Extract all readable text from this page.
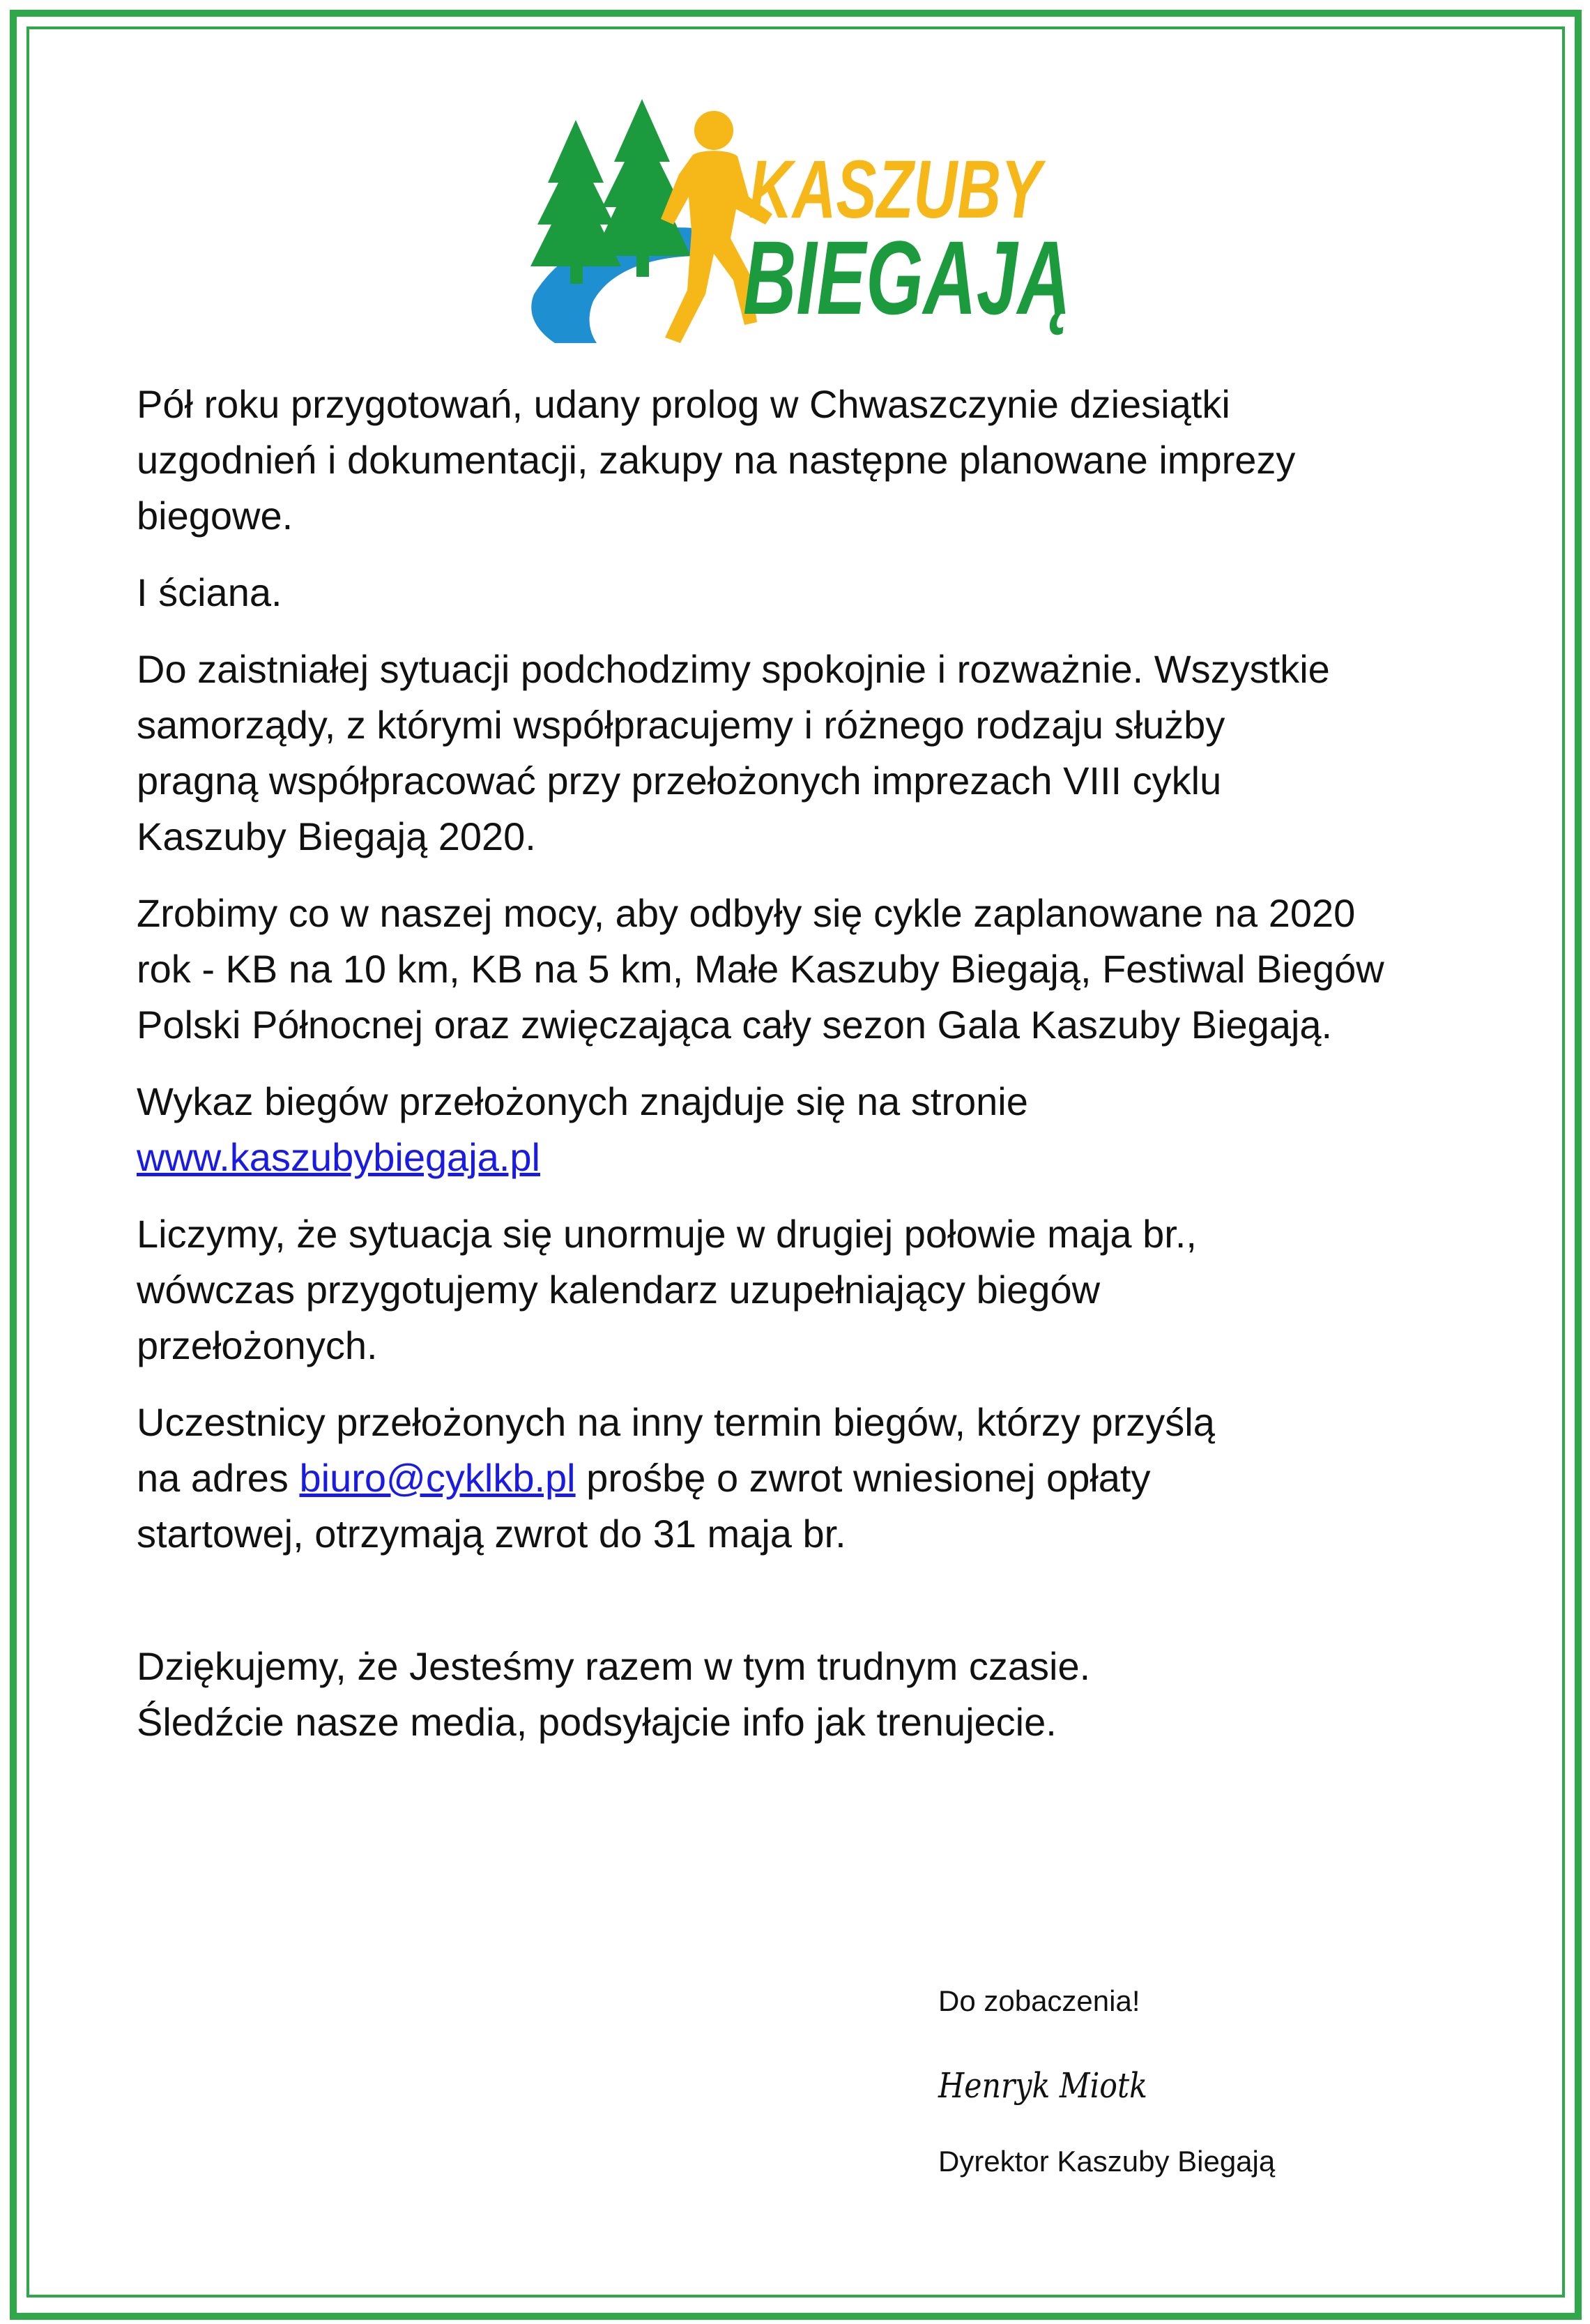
KASZUBY
BIEGAJĄ

Pół roku przygotowań, udany prolog w Chwaszczynie dziesiątki
uzgodnień i dokumentacji, zakupy na następne planowane imprezy
biegowe.

I ściana.

Do zaistniałej sytuacji podchodzimy spokojnie i rozważnie. Wszystkie
samorządy, z którymi współpracujemy i różnego rodzaju służby
pragną współpracować przy przełożonych imprezach VIII cyklu
Kaszuby Biegają 2020.

Zrobimy co w naszej mocy, aby odbyły się cykle zaplanowane na 2020
rok - KB na 10 km, KB na 5 km, Małe Kaszuby Biegają, Festiwal Biegów
Polski Północnej oraz zwięczająca cały sezon Gala Kaszuby Biegają.

Wykaz biegów przełożonych znajduje się na stronie
www.kaszubybiegaja.pl

Liczymy, że sytuacja się unormuje w drugiej połowie maja br.,
wówczas przygotujemy kalendarz uzupełniający biegów
przełożonych.

Uczestnicy przełożonych na inny termin biegów, którzy przyślą
na adres biuro@cyklkb.pl prośbę o zwrot wniesionej opłaty
startowej, otrzymają zwrot do 31 maja br.

Dziękujemy, że Jesteśmy razem w tym trudnym czasie.
Śledźcie nasze media, podsyłajcie info jak trenujecie.

Do zobaczenia!
Henryk Miotk
Dyrektor Kaszuby Biegają
